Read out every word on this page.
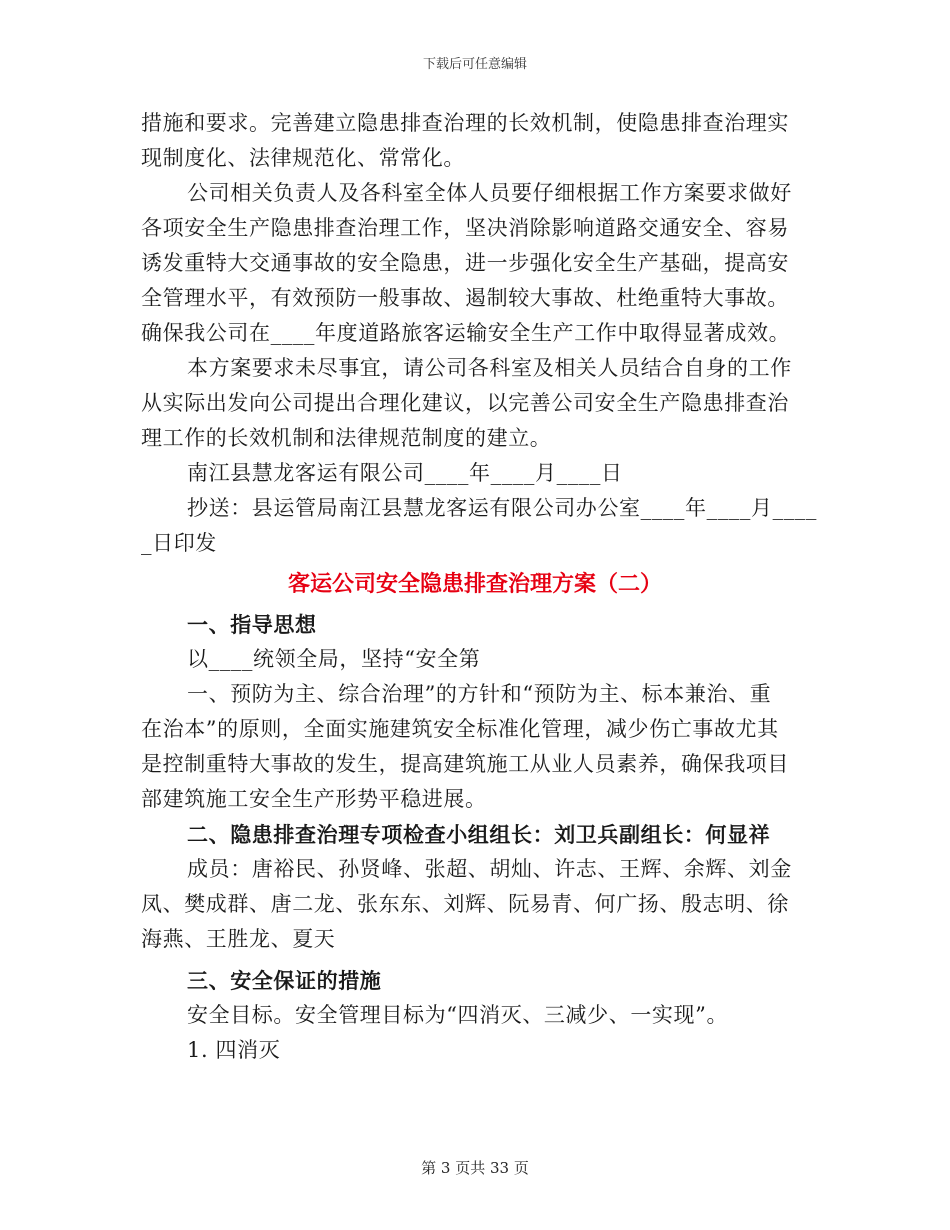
下载后可任意编辑
措施和要求。完善建立隐患排查治理的长效机制，使隐患排查治理实
现制度化、法律规范化、常常化。
公司相关负责人及各科室全体人员要仔细根据工作方案要求做好
各项安全生产隐患排查治理工作，坚决消除影响道路交通安全、容易
诱发重特大交通事故的安全隐患，进一步强化安全生产基础，提高安
全管理水平，有效预防一般事故、遏制较大事故、杜绝重特大事故。
确保我公司在____年度道路旅客运输安全生产工作中取得显著成效。
本方案要求未尽事宜，请公司各科室及相关人员结合自身的工作
从实际出发向公司提出合理化建议，以完善公司安全生产隐患排查治
理工作的长效机制和法律规范制度的建立。
南江县慧龙客运有限公司____年____月____日
抄送：县运管局南江县慧龙客运有限公司办公室____年____月____
_日印发
客运公司安全隐患排查治理方案（二）
一、指导思想
以____统领全局，坚持“安全第
一、预防为主、综合治理”的方针和“预防为主、标本兼治、重
在治本”的原则，全面实施建筑安全标准化管理，减少伤亡事故尤其
是控制重特大事故的发生，提高建筑施工从业人员素养，确保我项目
部建筑施工安全生产形势平稳进展。
二、隐患排查治理专项检查小组组长：刘卫兵副组长：何显祥
成员：唐裕民、孙贤峰、张超、胡灿、许志、王辉、余辉、刘金
凤、樊成群、唐二龙、张东东、刘辉、阮易青、何广扬、殷志明、徐
海燕、王胜龙、夏天
三、安全保证的措施
安全目标。安全管理目标为“四消灭、三减少、一实现”。
1. 四消灭
第 3 页共 33 页
